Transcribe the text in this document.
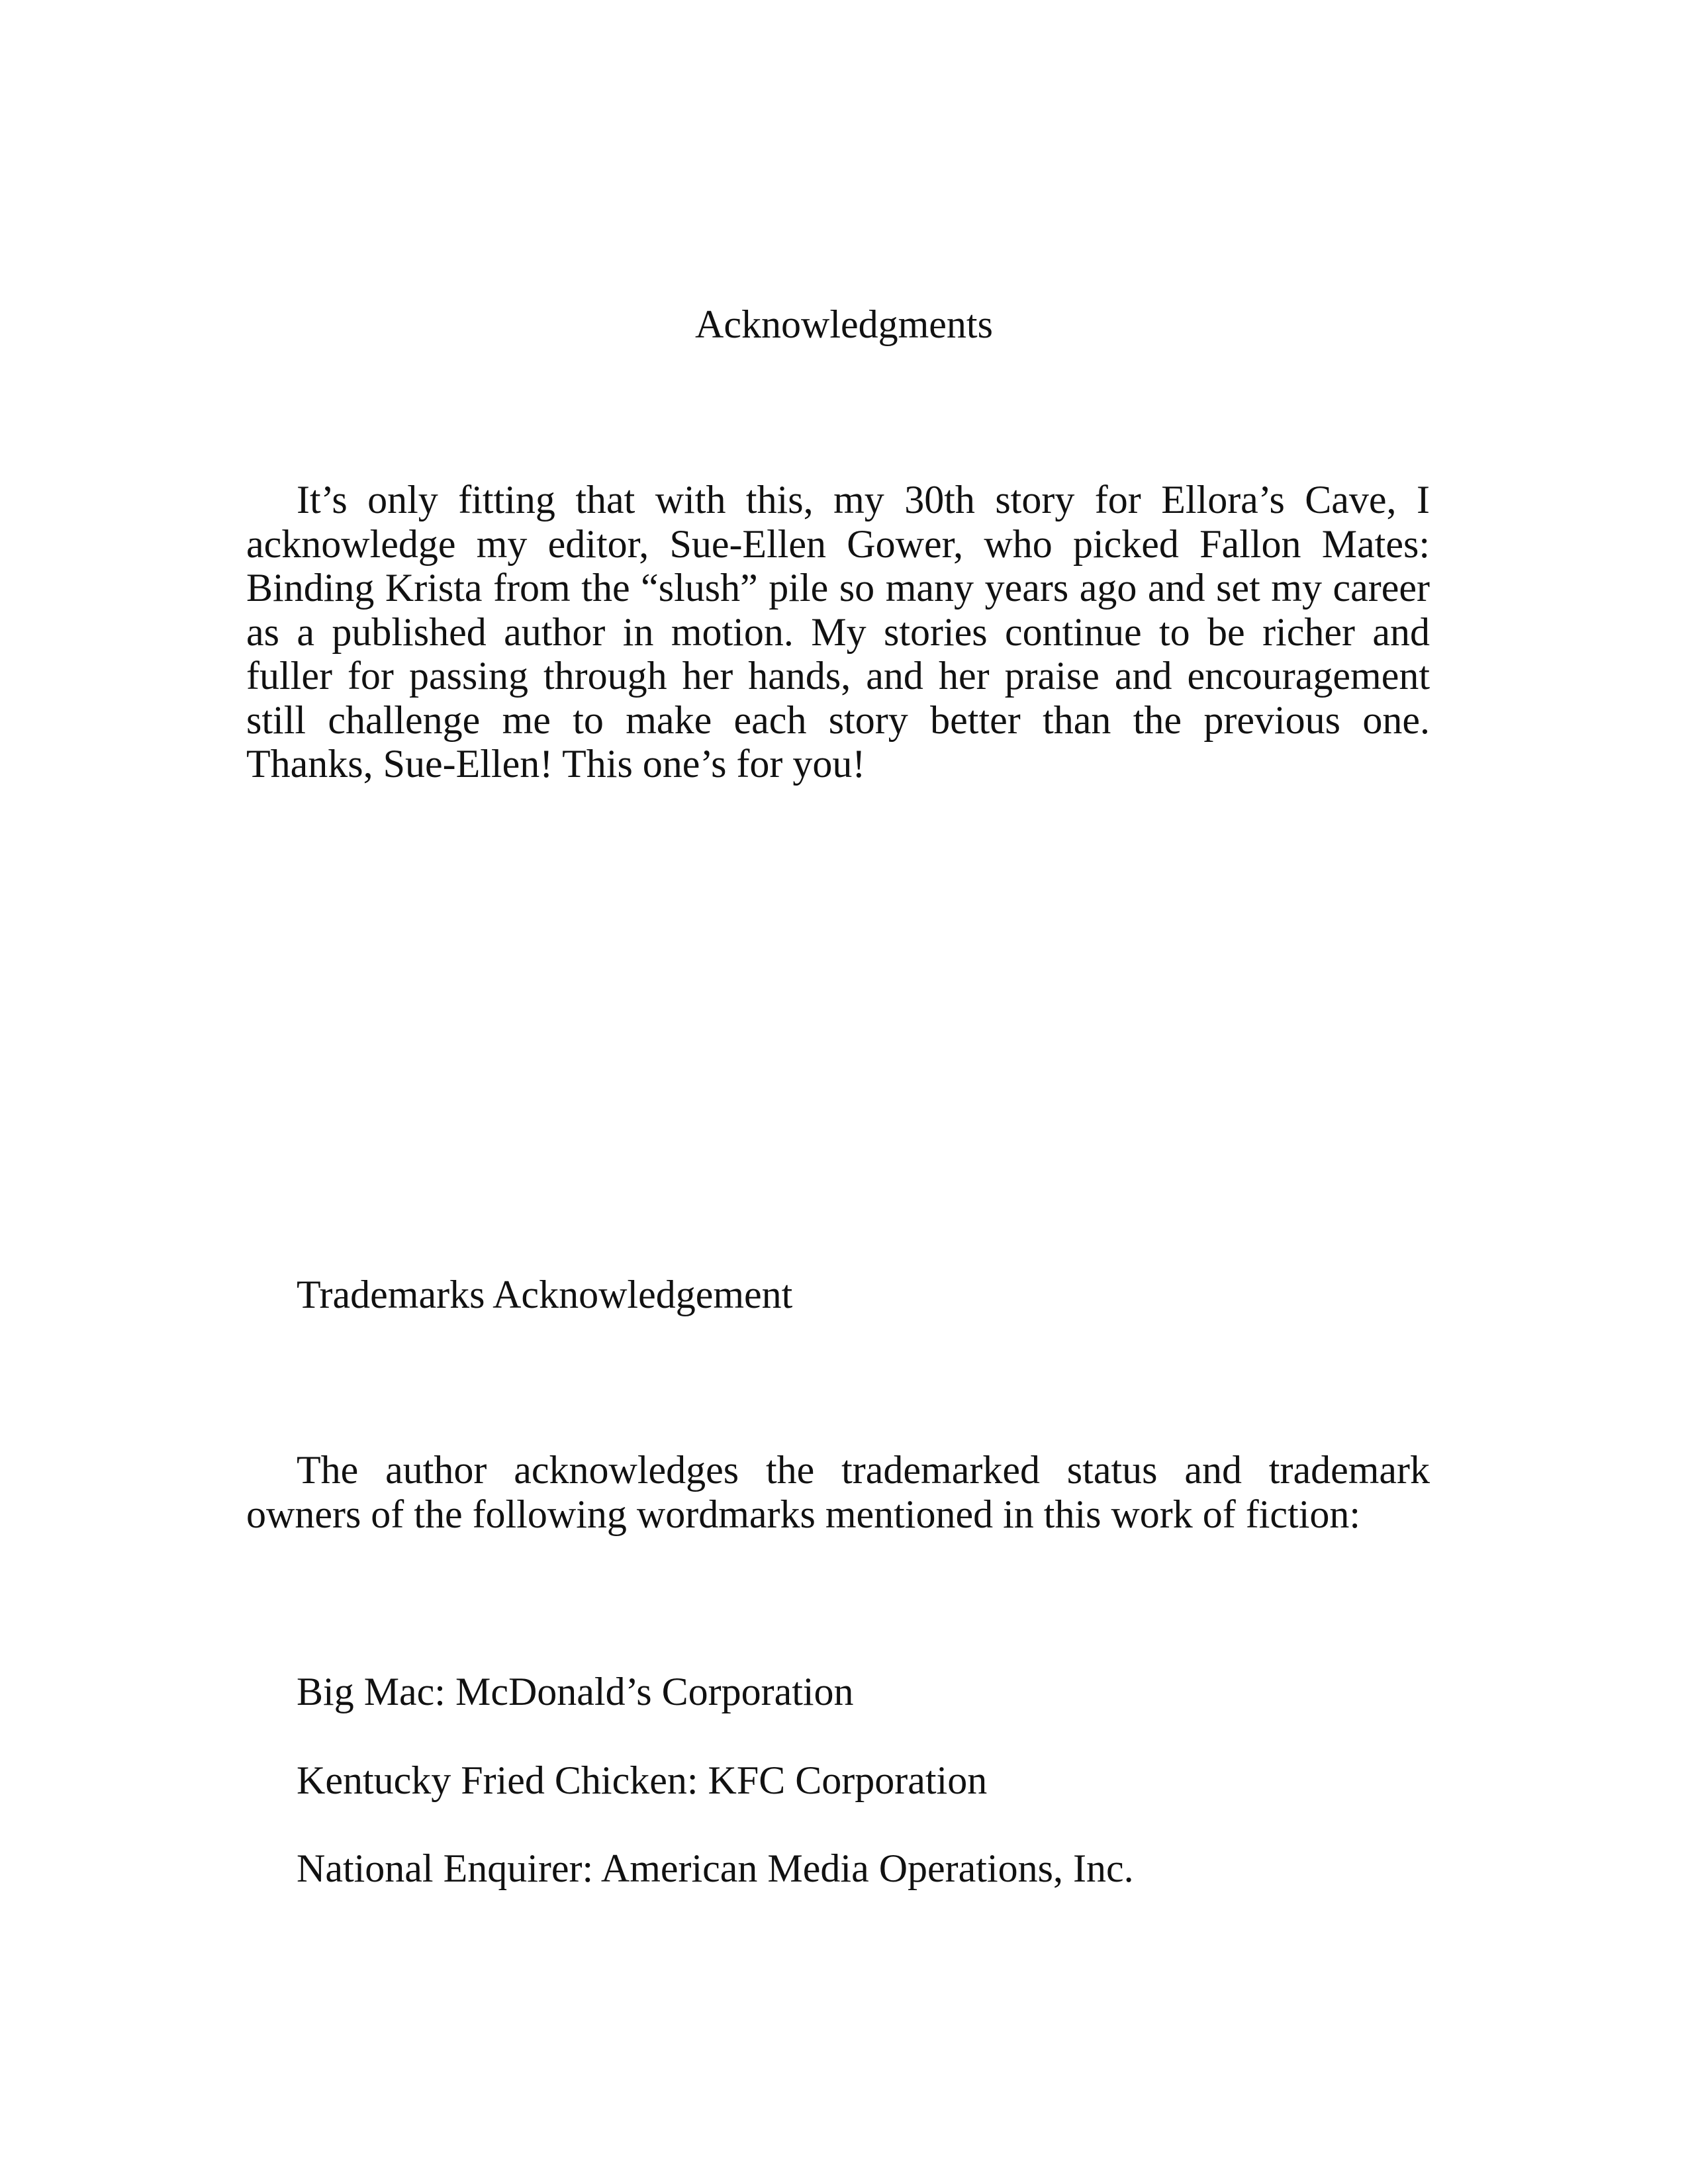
Acknowledgments

It’s only fitting that with this, my 30th story for Ellora’s Cave, I acknowledge my editor, Sue-Ellen Gower, who picked Fallon Mates: Binding Krista from the “slush” pile so many years ago and set my career as a published author in motion. My stories continue to be richer and fuller for passing through her hands, and her praise and encouragement still challenge me to make each story better than the previous one. Thanks, Sue-Ellen! This one’s for you!

Trademarks Acknowledgement

The author acknowledges the trademarked status and trademark owners of the following wordmarks mentioned in this work of fiction:

Big Mac: McDonald’s Corporation

Kentucky Fried Chicken: KFC Corporation

National Enquirer: American Media Operations, Inc.
